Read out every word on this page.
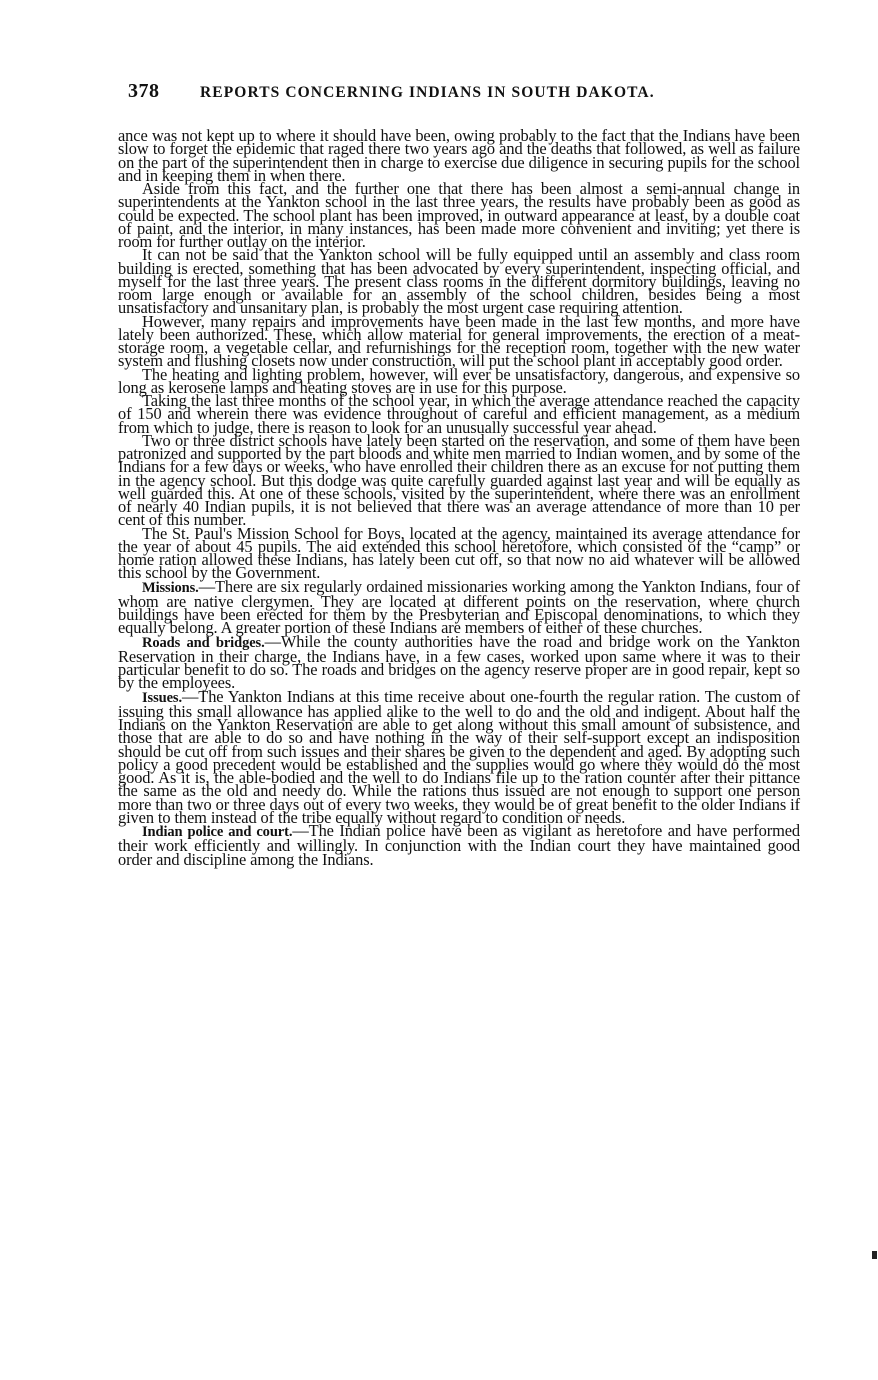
378	REPORTS CONCERNING INDIANS IN SOUTH DAKOTA.

ance was not kept up to where it should have been, owing probably to the fact that the Indians have been slow to forget the epidemic that raged there two years ago and the deaths that followed, as well as failure on the part of the superintendent then in charge to exercise due diligence in securing pupils for the school and in keeping them in when there.

Aside from this fact, and the further one that there has been almost a semi-annual change in superintendents at the Yankton school in the last three years, the results have probably been as good as could be expected. The school plant has been improved, in outward appearance at least, by a double coat of paint, and the interior, in many instances, has been made more convenient and inviting; yet there is room for further outlay on the interior.

It can not be said that the Yankton school will be fully equipped until an assembly and class room building is erected, something that has been advocated by every superintendent, inspecting official, and myself for the last three years. The present class rooms in the different dormitory buildings, leaving no room large enough or available for an assembly of the school children, besides being a most unsatisfactory and unsanitary plan, is probably the most urgent case requiring attention.

However, many repairs and improvements have been made in the last few months, and more have lately been authorized. These, which allow material for general improvements, the erection of a meat-storage room, a vegetable cellar, and refurnishings for the reception room, together with the new water system and flushing closets now under construction, will put the school plant in acceptably good order.

The heating and lighting problem, however, will ever be unsatisfactory, dangerous, and expensive so long as kerosene lamps and heating stoves are in use for this purpose.

Taking the last three months of the school year, in which the average attendance reached the capacity of 150 and wherein there was evidence throughout of careful and efficient management, as a medium from which to judge, there is reason to look for an unusually successful year ahead.

Two or three district schools have lately been started on the reservation, and some of them have been patronized and supported by the part bloods and white men married to Indian women, and by some of the Indians for a few days or weeks, who have enrolled their children there as an excuse for not putting them in the agency school. But this dodge was quite carefully guarded against last year and will be equally as well guarded this. At one of these schools, visited by the superintendent, where there was an enrollment of nearly 40 Indian pupils, it is not believed that there was an average attendance of more than 10 per cent of this number.

The St. Paul's Mission School for Boys, located at the agency, maintained its average attendance for the year of about 45 pupils. The aid extended this school heretofore, which consisted of the “camp” or home ration allowed these Indians, has lately been cut off, so that now no aid whatever will be allowed this school by the Government.

Missions.—There are six regularly ordained missionaries working among the Yankton Indians, four of whom are native clergymen. They are located at different points on the reservation, where church buildings have been erected for them by the Presbyterian and Episcopal denominations, to which they equally belong. A greater portion of these Indians are members of either of these churches.

Roads and bridges.—While the county authorities have the road and bridge work on the Yankton Reservation in their charge, the Indians have, in a few cases, worked upon same where it was to their particular benefit to do so. The roads and bridges on the agency reserve proper are in good repair, kept so by the employees.

Issues.—The Yankton Indians at this time receive about one-fourth the regular ration. The custom of issuing this small allowance has applied alike to the well to do and the old and indigent. About half the Indians on the Yankton Reservation are able to get along without this small amount of subsistence, and those that are able to do so and have nothing in the way of their self-support except an indisposition should be cut off from such issues and their shares be given to the dependent and aged. By adopting such policy a good precedent would be established and the supplies would go where they would do the most good. As it is, the able-bodied and the well to do Indians file up to the ration counter after their pittance the same as the old and needy do. While the rations thus issued are not enough to support one person more than two or three days out of every two weeks, they would be of great benefit to the older Indians if given to them instead of the tribe equally without regard to condition or needs.

Indian police and court.—The Indian police have been as vigilant as heretofore and have performed their work efficiently and willingly. In conjunction with the Indian court they have maintained good order and discipline among the Indians.
